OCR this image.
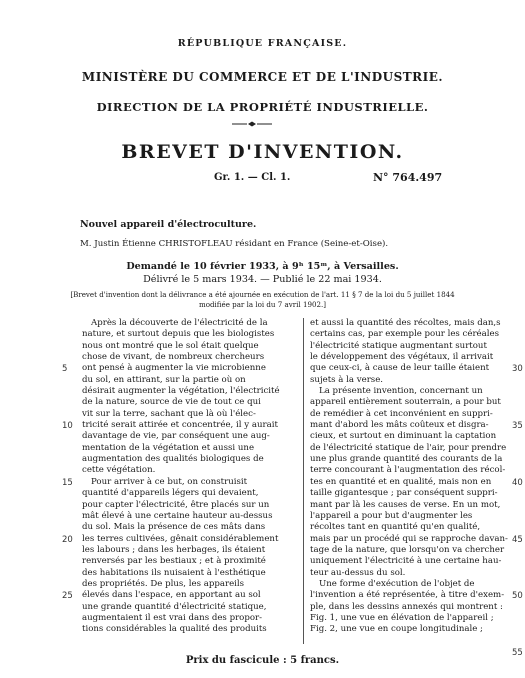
RÉPUBLIQUE FRANÇAISE.
MINISTÈRE DU COMMERCE ET DE L'INDUSTRIE.
DIRECTION DE LA PROPRIÉTÉ INDUSTRIELLE.
BREVET D'INVENTION.
Gr. 1. — Cl. 1.	N° 764.497
Nouvel appareil d'électroculture.
M. Justin Étienne CHRISTOFLEAU résidant en France (Seine-et-Oise).
Demandé le 10 février 1933, à 9ʰ 15ᵐ, à Versailles.
Délivré le 5 mars 1934. — Publié le 22 mai 1934.
[Brevet d'invention dont la délivrance a été ajournée en exécution de l'art. 11 § 7 de la loi du 5 juillet 1844
modifiée par la loi du 7 avril 1902.]
Après la découverte de l'électricité de la
nature, et surtout depuis que les biologistes
nous ont montré que le sol était quelque
chose de vivant, de nombreux chercheurs
ont pensé à augmenter la vie microbienne
du sol, en attirant, sur la partie où on
désirait augmenter la végétation, l'électricité
de la nature, source de vie de tout ce qui
vit sur la terre, sachant que là où l'élec-
tricité serait attirée et concentrée, il y aurait
davantage de vie, par conséquent une aug-
mentation de la végétation et aussi une
augmentation des qualités biologiques de
cette végétation.
Pour arriver à ce but, on construisit
quantité d'appareils légers qui devaient,
pour capter l'électricité, être placés sur un
mât élevé à une certaine hauteur au-dessus
du sol. Mais la présence de ces mâts dans
les terres cultivées, gênait considérablement
les labours ; dans les herbages, ils étaient
renversés par les bestiaux ; et à proximité
des habitations ils nuisaient à l'esthétique
des propriétés. De plus, les appareils
élevés dans l'espace, en apportant au sol
une grande quantité d'électricité statique,
augmentaient il est vrai dans des propor-
tions considérables la qualité des produits
et aussi la quantité des récoltes, mais dan,s
certains cas, par exemple pour les céréales
l'électricité statique augmentant surtout
le développement des végétaux, il arrivait
que ceux-ci, à cause de leur taille étaient
sujets à la verse.
La présente invention, concernant un
appareil entièrement souterrain, a pour but
de remédier à cet inconvénient en suppri-
mant d'abord les mâts coûteux et disgra-
cieux, et surtout en diminuant la captation
de l'électricité statique de l'air, pour prendre
une plus grande quantité des courants de la
terre concourant à l'augmentation des récol-
tes en quantité et en qualité, mais non en
taille gigantesque ; par conséquent suppri-
mant par là les causes de verse. En un mot,
l'appareil a pour but d'augmenter les
récoltes tant en quantité qu'en qualité,
mais par un procédé qui se rapproche davan-
tage de la nature, que lorsqu'on va chercher
uniquement l'électricité à une certaine hau-
teur au-dessus du sol.
Une forme d'exécution de l'objet de
l'invention a été représentée, à titre d'exem-
ple, dans les dessins annexés qui montrent :
Fig. 1, une vue en élévation de l'appareil ;
Fig. 2, une vue en coupe longitudinale ;
5
10
15
20
25
30
35
40
45
50
55
Prix du fascicule : 5 francs.
